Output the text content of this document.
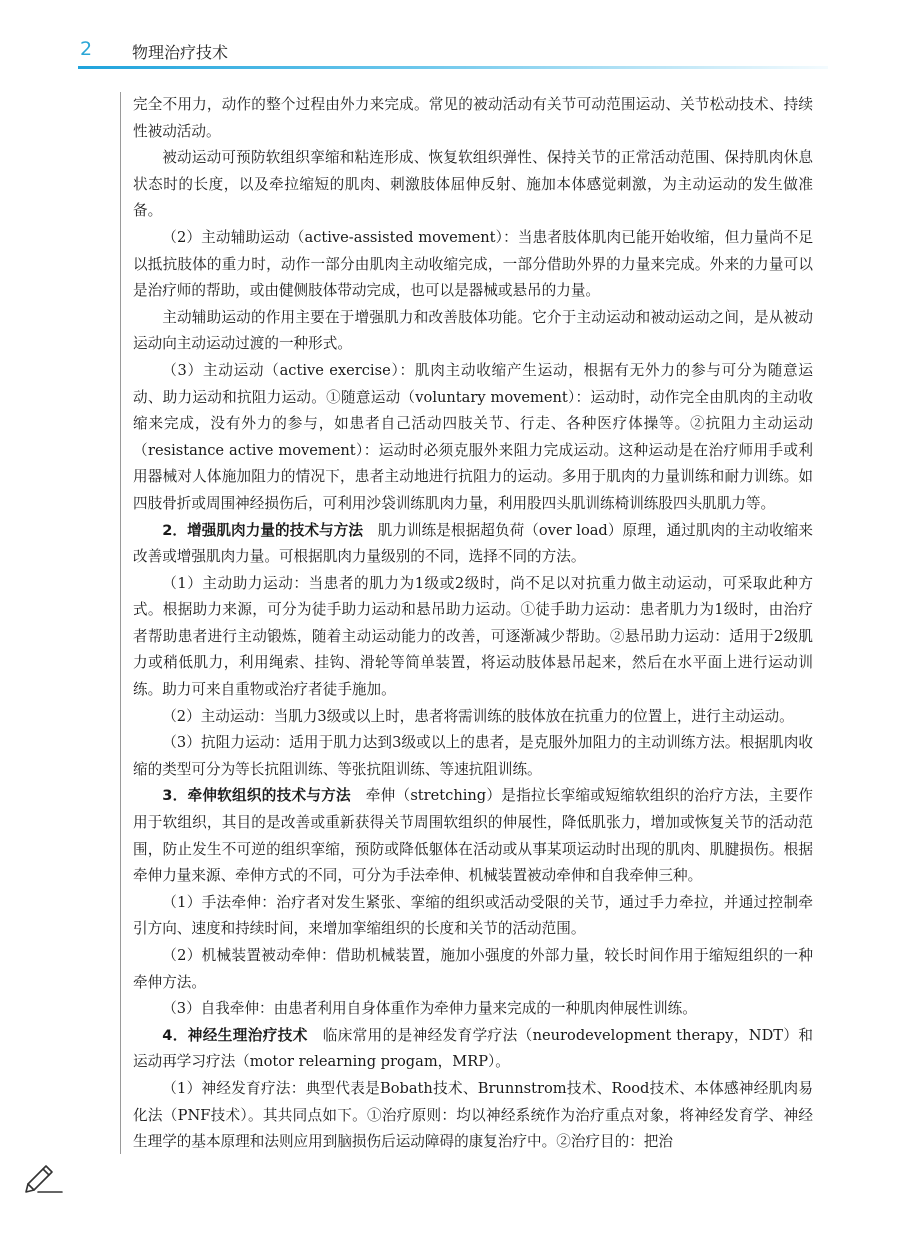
2 物理治疗技术

完全不用力，动作的整个过程由外力来完成。常见的被动活动有关节可动范围运动、关节松动技术、持续性被动活动。

被动运动可预防软组织挛缩和粘连形成、恢复软组织弹性、保持关节的正常活动范围、保持肌肉休息状态时的长度，以及牵拉缩短的肌肉、刺激肢体屈伸反射、施加本体感觉刺激，为主动运动的发生做准备。

（2）主动辅助运动（active-assisted movement）：当患者肢体肌肉已能开始收缩，但力量尚不足以抵抗肢体的重力时，动作一部分由肌肉主动收缩完成，一部分借助外界的力量来完成。外来的力量可以是治疗师的帮助，或由健侧肢体带动完成，也可以是器械或悬吊的力量。

主动辅助运动的作用主要在于增强肌力和改善肢体功能。它介于主动运动和被动运动之间，是从被动运动向主动运动过渡的一种形式。

（3）主动运动（active exercise）：肌肉主动收缩产生运动，根据有无外力的参与可分为随意运动、助力运动和抗阻力运动。①随意运动（voluntary movement）：运动时，动作完全由肌肉的主动收缩来完成，没有外力的参与，如患者自己活动四肢关节、行走、各种医疗体操等。②抗阻力主动运动（resistance active movement）：运动时必须克服外来阻力完成运动。这种运动是在治疗师用手或利用器械对人体施加阻力的情况下，患者主动地进行抗阻力的运动。多用于肌肉的力量训练和耐力训练。如四肢骨折或周围神经损伤后，可利用沙袋训练肌肉力量，利用股四头肌训练椅训练股四头肌肌力等。

2．增强肌肉力量的技术与方法　肌力训练是根据超负荷（over load）原理，通过肌肉的主动收缩来改善或增强肌肉力量。可根据肌肉力量级别的不同，选择不同的方法。

（1）主动助力运动：当患者的肌力为1级或2级时，尚不足以对抗重力做主动运动，可采取此种方式。根据助力来源，可分为徒手助力运动和悬吊助力运动。①徒手助力运动：患者肌力为1级时，由治疗者帮助患者进行主动锻炼，随着主动运动能力的改善，可逐渐减少帮助。②悬吊助力运动：适用于2级肌力或稍低肌力，利用绳索、挂钩、滑轮等简单装置，将运动肢体悬吊起来，然后在水平面上进行运动训练。助力可来自重物或治疗者徒手施加。

（2）主动运动：当肌力3级或以上时，患者将需训练的肢体放在抗重力的位置上，进行主动运动。

（3）抗阻力运动：适用于肌力达到3级或以上的患者，是克服外加阻力的主动训练方法。根据肌肉收缩的类型可分为等长抗阻训练、等张抗阻训练、等速抗阻训练。

3．牵伸软组织的技术与方法　牵伸（stretching）是指拉长挛缩或短缩软组织的治疗方法，主要作用于软组织，其目的是改善或重新获得关节周围软组织的伸展性，降低肌张力，增加或恢复关节的活动范围，防止发生不可逆的组织挛缩，预防或降低躯体在活动或从事某项运动时出现的肌肉、肌腱损伤。根据牵伸力量来源、牵伸方式的不同，可分为手法牵伸、机械装置被动牵伸和自我牵伸三种。

（1）手法牵伸：治疗者对发生紧张、挛缩的组织或活动受限的关节，通过手力牵拉，并通过控制牵引方向、速度和持续时间，来增加挛缩组织的长度和关节的活动范围。

（2）机械装置被动牵伸：借助机械装置，施加小强度的外部力量，较长时间作用于缩短组织的一种牵伸方法。

（3）自我牵伸：由患者利用自身体重作为牵伸力量来完成的一种肌肉伸展性训练。

4．神经生理治疗技术　临床常用的是神经发育学疗法（neurodevelopment therapy，NDT）和运动再学习疗法（motor relearning progam，MRP）。

（1）神经发育疗法：典型代表是Bobath技术、Brunnstrom技术、Rood技术、本体感神经肌肉易化法（PNF技术）。其共同点如下。①治疗原则：均以神经系统作为治疗重点对象，将神经发育学、神经生理学的基本原理和法则应用到脑损伤后运动障碍的康复治疗中。②治疗目的：把治
